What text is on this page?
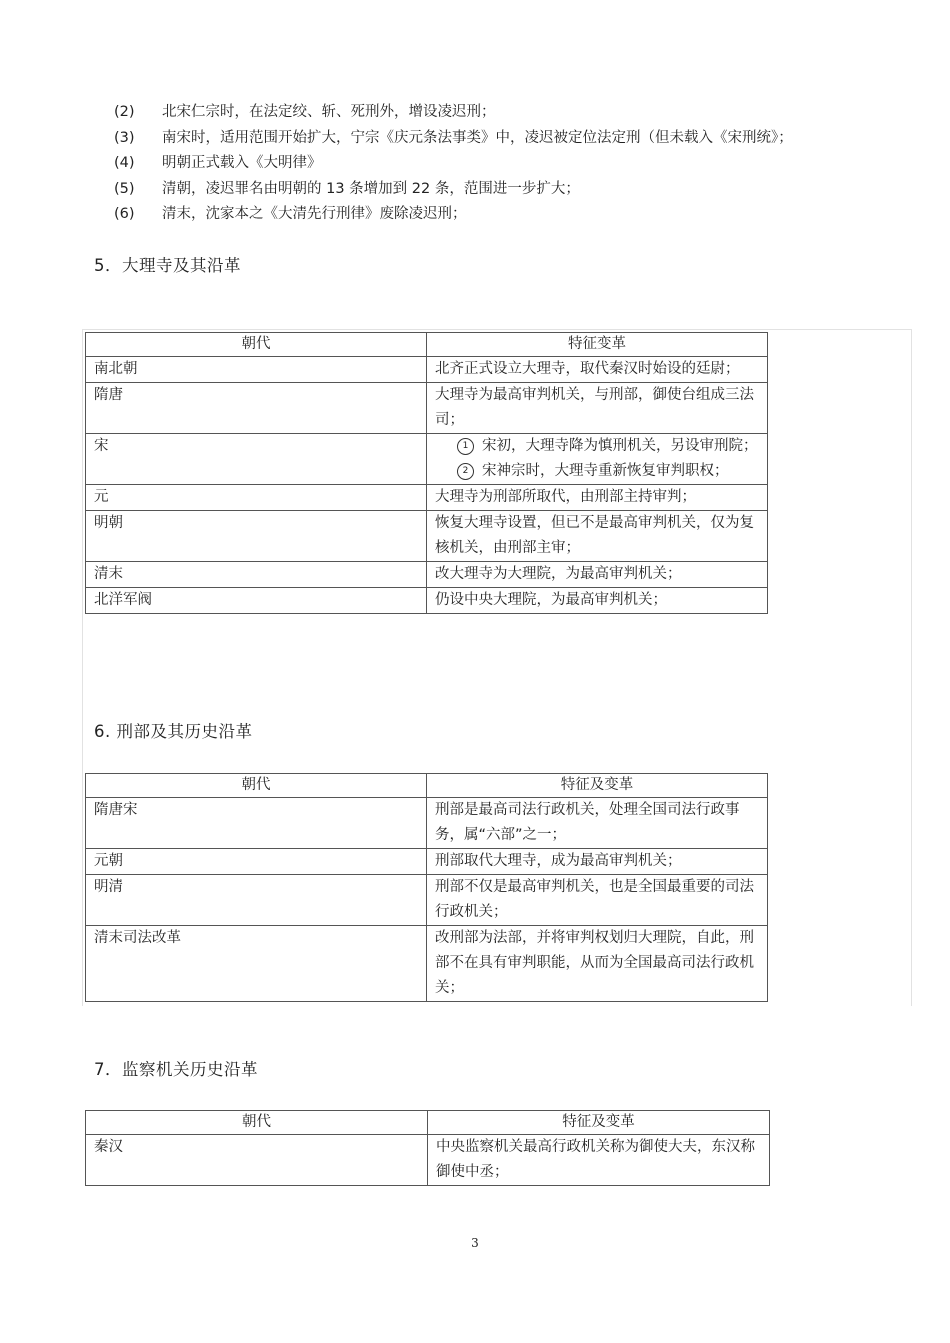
(2) 北宋仁宗时，在法定绞、斩、死刑外，增设凌迟刑；
(3) 南宋时，适用范围开始扩大，宁宗《庆元条法事类》中，凌迟被定位法定刑（但未载入《宋刑统》；
(4) 明朝正式载入《大明律》
(5) 清朝，凌迟罪名由明朝的 13 条增加到 22 条，范围进一步扩大；
(6) 清末，沈家本之《大清先行刑律》废除凌迟刑；
5．大理寺及其沿革
朝代	特征变革
南北朝	北齐正式设立大理寺，取代秦汉时始设的廷尉；
隋唐	大理寺为最高审判机关，与刑部，御使台组成三法司；
宋	1 宋初，大理寺降为慎刑机关，另设审刑院；
2 宋神宗时，大理寺重新恢复审判职权；

元	大理寺为刑部所取代，由刑部主持审判；
明朝	恢复大理寺设置，但已不是最高审判机关，仅为复核机关，由刑部主审；
清末	改大理寺为大理院，为最高审判机关；
北洋军阀	仍设中央大理院，为最高审判机关；
6. 刑部及其历史沿革
朝代	特征及变革
隋唐宋	刑部是最高司法行政机关，处理全国司法行政事务，属“六部”之一；
元朝	刑部取代大理寺，成为最高审判机关；
明清	刑部不仅是最高审判机关，也是全国最重要的司法行政机关；
清末司法改革	改刑部为法部，并将审判权划归大理院，自此，刑部不在具有审判职能，从而为全国最高司法行政机关；
7．监察机关历史沿革
朝代	特征及变革
秦汉	中央监察机关最高行政机关称为御使大夫，东汉称御使中丞；
3
